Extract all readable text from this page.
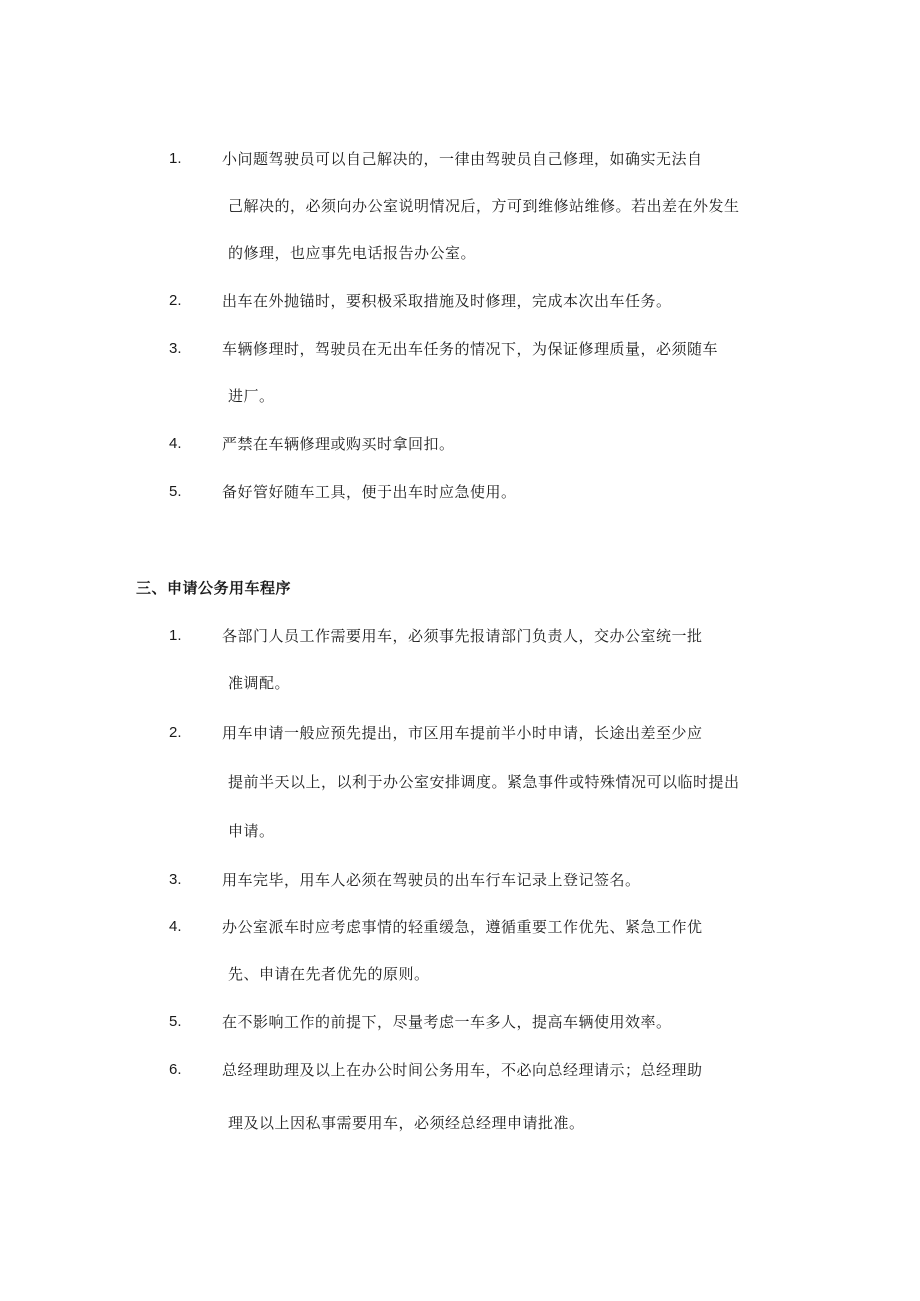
1.	小问题驾驶员可以自己解决的，一律由驾驶员自己修理，如确实无法自
己解决的，必须向办公室说明情况后，方可到维修站维修。若出差在外发生
的修理，也应事先电话报告办公室。
2.	出车在外抛锚时，要积极采取措施及时修理，完成本次出车任务。
3.	车辆修理时，驾驶员在无出车任务的情况下，为保证修理质量，必须随车
进厂。
4.	严禁在车辆修理或购买时拿回扣。
5.	备好管好随车工具，便于出车时应急使用。
三、申请公务用车程序
1.	各部门人员工作需要用车，必须事先报请部门负责人，交办公室统一批
准调配。
2.	用车申请一般应预先提出，市区用车提前半小时申请，长途出差至少应
提前半天以上，以利于办公室安排调度。紧急事件或特殊情况可以临时提出
申请。
3.	用车完毕，用车人必须在驾驶员的出车行车记录上登记签名。
4.	办公室派车时应考虑事情的轻重缓急，遵循重要工作优先、紧急工作优
先、申请在先者优先的原则。
5.	在不影响工作的前提下，尽量考虑一车多人，提高车辆使用效率。
6.	总经理助理及以上在办公时间公务用车，不必向总经理请示；总经理助
理及以上因私事需要用车，必须经总经理申请批准。
